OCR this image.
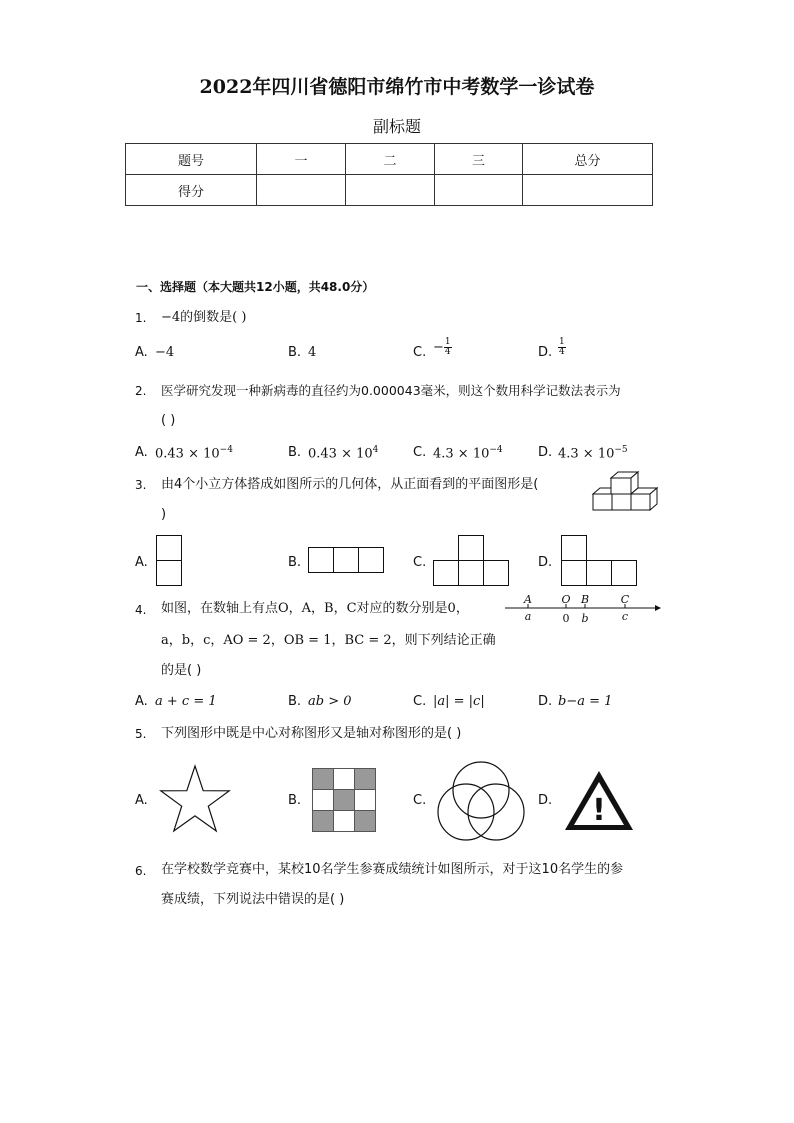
2022年四川省德阳市绵竹市中考数学一诊试卷
副标题
题号	一	二	三	总分
得分				
一、选择题（本大题共12小题，共48.0分）
1. −4的倒数是( )
A. −4	B. 4	C. − $\frac{1}{4}$	D. $\frac{1}{4}$
2. 医学研究发现一种新病毒的直径约为0.000043毫米，则这个数用科学记数法表示为
( )
A. $0.43 \times 10^{-4}$	B. $0.43 \times 10^4$	C. $4.3 \times 10^{-4}$	D. $4.3 \times 10^{-5}$
3. 由4个小立方体搭成如图所示的几何体，从正面看到的平面图形是(
)
A.	B.	C.	D.
4. 如图，在数轴上有点O，A，B，C对应的数分别是0，
a，b，c，AO = 2，OB = 1，BC = 2，则下列结论正确
的是( )
A	O B	C
a	0 b	c
A. a + c = 1	B. ab > 0	C. |a| = |c|	D. b−a = 1
5. 下列图形中既是中心对称图形又是轴对称图形的是( )
A.	B.	C.	D. !
6. 在学校数学竞赛中，某校10名学生参赛成绩统计如图所示，对于这10名学生的参
赛成绩，下列说法中错误的是( )
